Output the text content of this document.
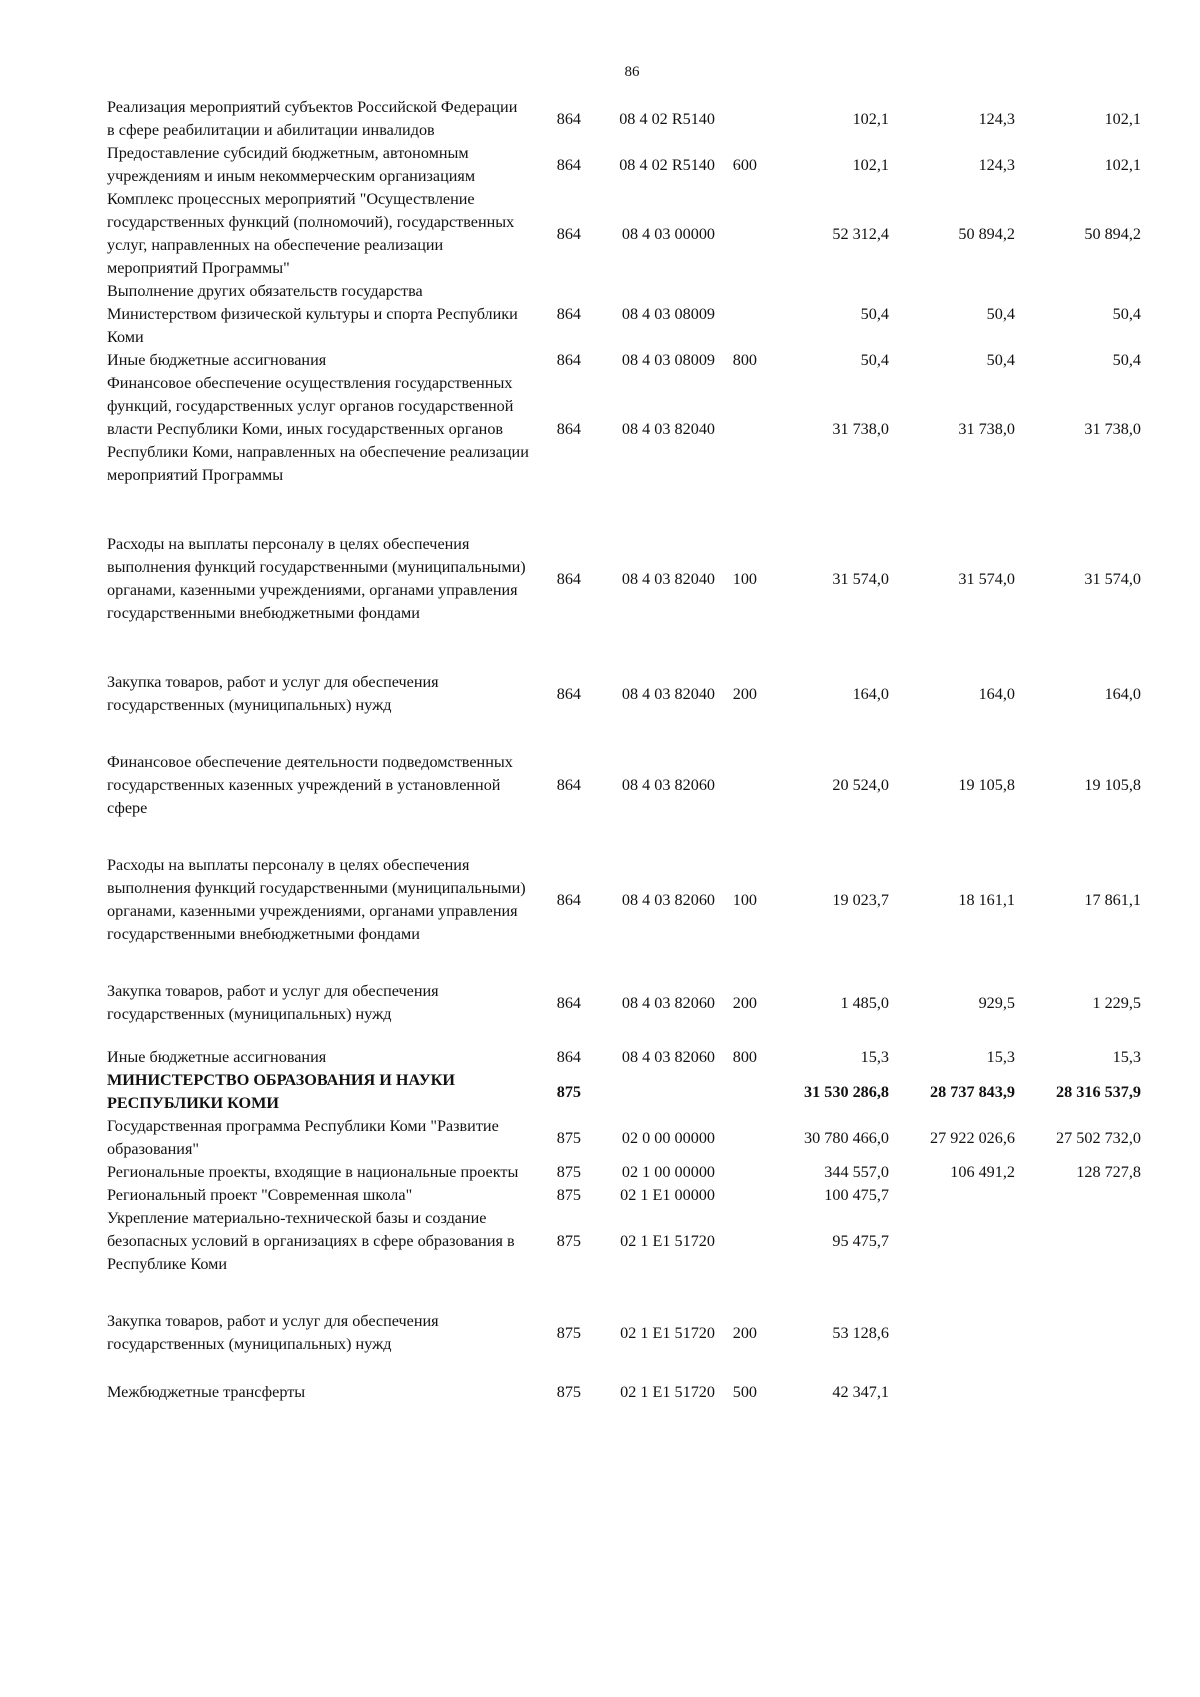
86
Реализация мероприятий субъектов Российской Федерации в сфере реабилитации и абилитации инвалидов	864	08 4 02 R5140		102,1	124,3	102,1
Предоставление субсидий бюджетным, автономным учреждениям и иным некоммерческим организациям	864	08 4 02 R5140	600	102,1	124,3	102,1
Комплекс процессных мероприятий "Осуществление государственных функций (полномочий), государственных услуг, направленных на обеспечение реализации мероприятий Программы"	864	08 4 03 00000		52 312,4	50 894,2	50 894,2
Выполнение других обязательств государства Министерством физической культуры и спорта Республики Коми	864	08 4 03 08009		50,4	50,4	50,4
Иные бюджетные ассигнования	864	08 4 03 08009	800	50,4	50,4	50,4
Финансовое обеспечение осуществления государственных функций, государственных услуг органов государственной власти Республики Коми, иных государственных органов Республики Коми, направленных на обеспечение реализации мероприятий Программы	864	08 4 03 82040		31 738,0	31 738,0	31 738,0
Расходы на выплаты персоналу в целях обеспечения выполнения функций государственными (муниципальными) органами, казенными учреждениями, органами управления государственными внебюджетными фондами	864	08 4 03 82040	100	31 574,0	31 574,0	31 574,0
Закупка товаров, работ и услуг для обеспечения государственных (муниципальных) нужд	864	08 4 03 82040	200	164,0	164,0	164,0
Финансовое обеспечение деятельности подведомственных государственных казенных учреждений в установленной сфере	864	08 4 03 82060		20 524,0	19 105,8	19 105,8
Расходы на выплаты персоналу в целях обеспечения выполнения функций государственными (муниципальными) органами, казенными учреждениями, органами управления государственными внебюджетными фондами	864	08 4 03 82060	100	19 023,7	18 161,1	17 861,1
Закупка товаров, работ и услуг для обеспечения государственных (муниципальных) нужд	864	08 4 03 82060	200	1 485,0	929,5	1 229,5
Иные бюджетные ассигнования	864	08 4 03 82060	800	15,3	15,3	15,3
МИНИСТЕРСТВО ОБРАЗОВАНИЯ И НАУКИ РЕСПУБЛИКИ КОМИ	875			31 530 286,8	28 737 843,9	28 316 537,9
Государственная программа Республики Коми "Развитие образования"	875	02 0 00 00000		30 780 466,0	27 922 026,6	27 502 732,0
Региональные проекты, входящие в национальные проекты	875	02 1 00 00000		344 557,0	106 491,2	128 727,8
Региональный проект "Современная школа"	875	02 1 E1 00000		100 475,7		
Укрепление материально-технической базы и создание безопасных условий в организациях в сфере образования в Республике Коми	875	02 1 E1 51720		95 475,7		
Закупка товаров, работ и услуг для обеспечения государственных (муниципальных) нужд	875	02 1 E1 51720	200	53 128,6		
Межбюджетные трансферты	875	02 1 E1 51720	500	42 347,1		
